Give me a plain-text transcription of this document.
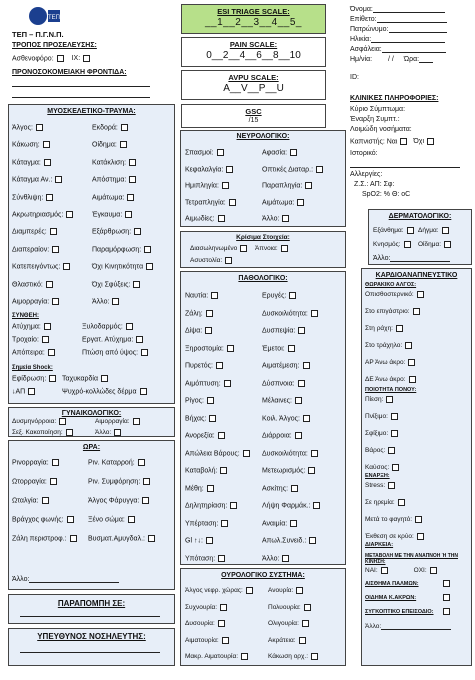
ΤΕΠ
ΤΕΠ – Π.Γ.Ν.Π.
ΤΡΟΠΟΣ ΠΡΟΣΕΛΕΥΣΗΣ:
Ασθενοφόρο:	ΙΧ:
ΠΡΟΝΟΣΟΚΟΜΕΙΑΚΗ ΦΡΟΝΤΙΔΑ:
ESI TRIAGE SCALE:
__1__2__3__4__5_
PAIN SCALE:
0__2__4__6__8__10
AVPU SCALE:
A__V__P__U
GSC
/15
Όνομα:
Επίθετο:
Πατρώνυμο:
Ηλικία:
Ασφάλεια:
Ημ/νία: / / Ώρα:
ID:
ΚΛΙΝΙΚΕΣ ΠΛΗΡΟΦΟΡΙΕΣ:
Κύριο Σύμπτωμα:
Έναρξη Συμπτ.:
Λοιμώδη νοσήματα:
Καπνιστής: Ναι Όχι
Ιστορικό:
Αλλεργίες:
Ζ.Σ.: ΑΠ: Σφ:
SpO2: % Θ: oC
ΜΥΟΣΚΕΛΕΤΙΚΟ-ΤΡΑΥΜΑ:
Άλγος:	Εκδορά:
Κάκωση:	Οίδημα:
Κάταγμα:	Κατάκλιση:
Κάταγμα Αν.:	Απόστημα:
Σύνθλιψη:	Αιμάτωμα:
Ακρωτηριασμός:	Έγκαυμα:
Διαμπερές:	Εξάρθρωση:
Διαπεραίον:	Παραμόρφωση:
Κατεπειγόντως:	Όχι Κινητικότητα
Θλαστικό:	Όχι Σφύξεις:
Αιμορραγία:	Άλλο:
ΣΥΝΘΕΗ:
Ατύχημα:	Ξυλοδαρμός:
Τροχαίο:	Εργατ. Ατύχημα:
Απόπειρα:	Πτώση από ύψος:
Σημεία Shock:
Εφίδρωση:	Ταχυκαρδία
↓ΑΠ	Ψυχρό-κολλώδες δέρμα
ΓΥΝΑΙΚΟΛΟΓΙΚΟ:
Δυσμηνόρροια:	Αιμορραγία:
Σεξ. Κακοποίηση:	Άλλο:
ΩΡΑ:
Ρινορραγία:	Ριν. Καταρροή:
Ωτορραγία:	Ριν. Συμφόρηση:
Ωταλγία:	Άλγος Φάρυγγα:
Βράγχος φωνής:	Ξένο σώμα:
Ζάλη περιστροφ.:	Βυσματ.Αμυγδαλ.:
Άλλο:
ΠΑΡΑΠΟΜΠΗ ΣΕ:
ΥΠΕΥΘΥΝΟΣ ΝΟΣΗΛΕΥΤΗΣ:
ΝΕΥΡΟΛΟΓΙΚΟ:
Σπασμοί:	Αφασία:
Κεφαλαλγία:	Οπτικές Διαταρ.:
Ημιπληγία:	Παραπληγία:
Τετραπληγία:	Αιμάτωμα:
Αιμωδίες:	Άλλο:
Κρίσιμα Στοιχεία:
Διασωληνωμένο	Άπνοια:
Ασυστολία:
ΠΑΘΟΛΟΓΙΚΟ:
Ναυτία:	Ερυγές:
Ζάλη:	Δυσκοιλιότητα:
Δίψα:	Δυσπεψία:
Ξηροστομία:	Έμετοι:
Πυρετός:	Αιματέμεση:
Αιμόπτυση:	Δύσπνοια:
Ρίγος:	Μέλαινες:
Βήχας:	Κοιλ. Άλγος:
Ανορεξία:	Διάρροια:
Απώλεια Βάρους:	Δυσκοιλιότητα:
Καταβολή:	Μετεωρισμός:
Μέθη:	Ασκίτης:
Δηλητηρίαση:	Λήψη Φαρμάκ.:
Υπέρταση:	Αναιμία:
Gl ↑↓:	Απωλ.Συνειδ.:
Υπόταση:	Άλλο:
ΟΥΡΟΛΟΓΙΚΟ ΣΥΣΤΗΜΑ:
Άλγος νεφρ. χώρας:	Ανουρία:
Συχνουρία:	Πολυουρία:
Δυσουρία:	Ολιγουρία:
Αιματουρία:	Ακράτεια:
Μακρ. Αιματουρία:	Κάκωση ορχ.:
ΔΕΡΜΑΤΟΛΟΓΙΚΟ:
Εξάνθημα:	Δήγμα:
Κνησμός:	Οίδημα:
Άλλο:
ΚΑΡΔΙΟΑΝΑΠΝΕΥΣΤΙΚΟ
ΘΩΡΑΚΙΚΟ ΑΛΓΟΣ:
Οπισθοστερνικό:
Στο επιγάστριο:
Στη ράχη:
Στο τράχηλο:
ΑΡ Άνω άκρο:
ΔΕ Άνω άκρο:
ΠΟΙΟΤΗΤΑ ΠΟΝΟΥ:
Πίεση:
Πνίξιμο:
Σφίξιμο:
Βάρος:
Καύσος:
ΕΝΑΡΞΗ:
Stress:
Σε ηρεμία:
Μετά το φαγητό:
Έκθεση σε κρύο:
ΔΙΑΡΚΕΙΑ:
ΜΕΤΑΒΟΛΗ ΜΕ ΤΗΝ ΑΝΑΠΝΟΗ Ή ΤΗΝ ΚΙΝΗΣΗ:
ΝΑΙ:	ΟΧΙ:
ΑΙΣΘΗΜΑ ΠΑΛΜΩΝ:
ΟΙΔΗΜΑ Κ.ΑΚΡΩΝ:
ΣΥΓΚΟΠΤΙΚΟ ΕΠΕΙΣΟΔΙΟ:
Άλλο:
